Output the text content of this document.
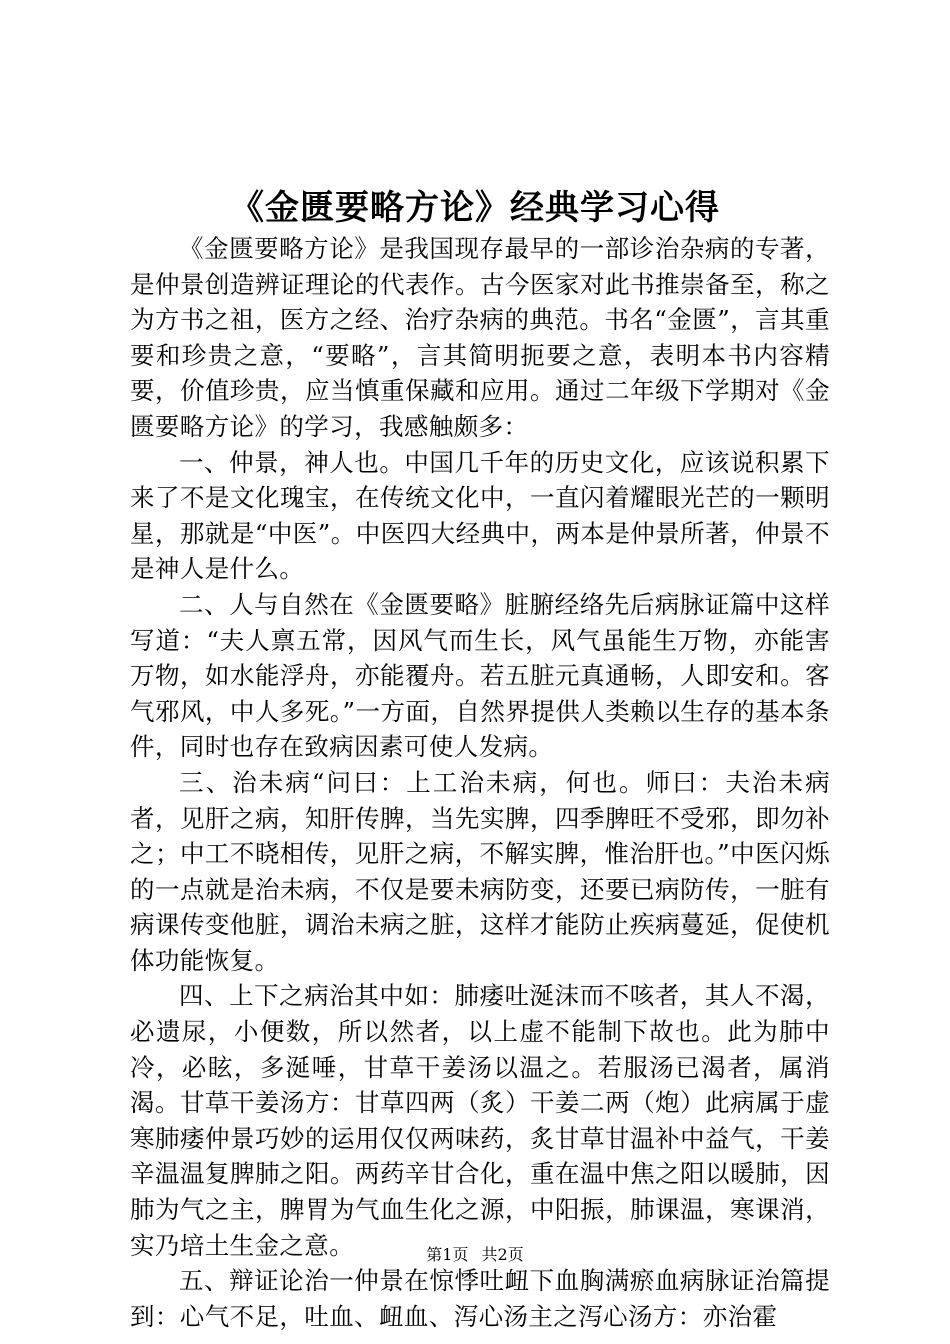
《金匮要略方论》经典学习心得

《金匮要略方论》是我国现存最早的一部诊治杂病的专著，是仲景创造辨证理论的代表作。古今医家对此书推崇备至，称之为方书之祖，医方之经、治疗杂病的典范。书名“金匮”，言其重要和珍贵之意，“要略”，言其简明扼要之意，表明本书内容精要，价值珍贵，应当慎重保藏和应用。通过二年级下学期对《金匮要略方论》的学习，我感触颇多：

一、仲景，神人也。中国几千年的历史文化，应该说积累下来了不是文化瑰宝，在传统文化中，一直闪着耀眼光芒的一颗明星，那就是“中医”。中医四大经典中，两本是仲景所著，仲景不是神人是什么。

二、人与自然在《金匮要略》脏腑经络先后病脉证篇中这样写道：“夫人禀五常，因风气而生长，风气虽能生万物，亦能害万物，如水能浮舟，亦能覆舟。若五脏元真通畅，人即安和。客气邪风，中人多死。”一方面，自然界提供人类赖以生存的基本条件，同时也存在致病因素可使人发病。

三、治未病“问曰：上工治未病，何也。师曰：夫治未病者，见肝之病，知肝传脾，当先实脾，四季脾旺不受邪，即勿补之；中工不晓相传，见肝之病，不解实脾，惟治肝也。”中医闪烁的一点就是治未病，不仅是要未病防变，还要已病防传，一脏有病课传变他脏，调治未病之脏，这样才能防止疾病蔓延，促使机体功能恢复。

四、上下之病治其中如：肺痿吐涎沫而不咳者，其人不渴，必遗尿，小便数，所以然者，以上虚不能制下故也。此为肺中冷，必眩，多涎唾，甘草干姜汤以温之。若服汤已渴者，属消渴。甘草干姜汤方：甘草四两（炙）干姜二两（炮）此病属于虚寒肺痿仲景巧妙的运用仅仅两味药，炙甘草甘温补中益气，干姜辛温温复脾肺之阳。两药辛甘合化，重在温中焦之阳以暖肺，因肺为气之主，脾胃为气血生化之源，中阳振，肺课温，寒课消，实乃培土生金之意。

五、辩证论治一仲景在惊悸吐衄下血胸满瘀血病脉证治篇提到：心气不足，吐血、衄血、泻心汤主之泻心汤方：亦治霍

第1页 共2页
